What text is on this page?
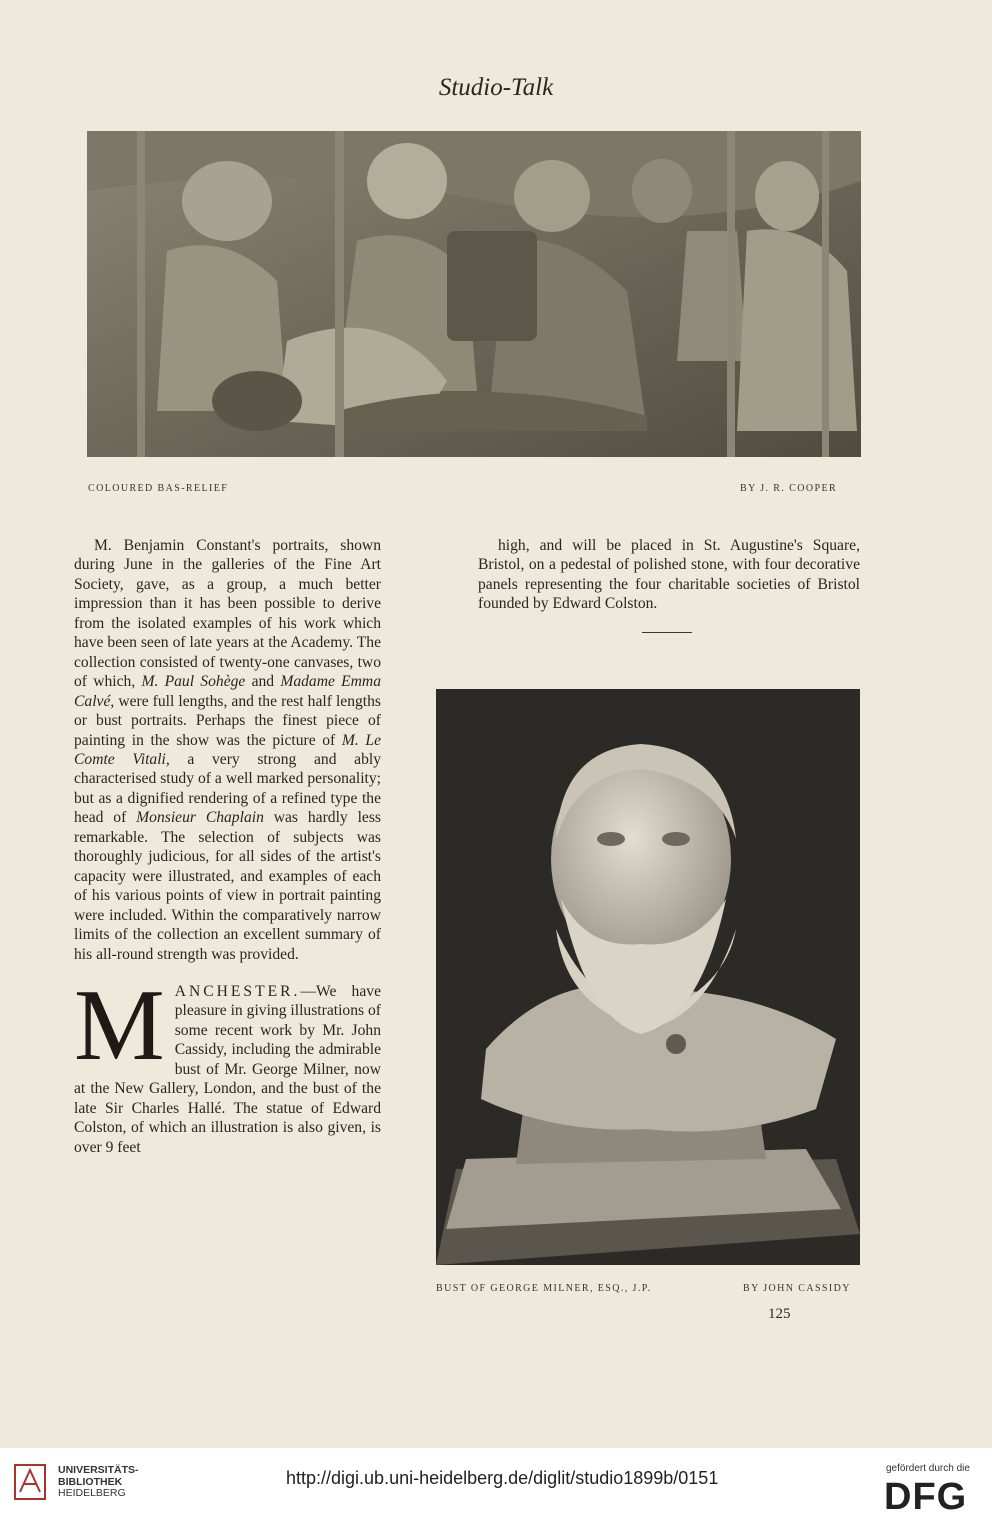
Studio-Talk
COLOURED BAS-RELIEF	BY J. R. COOPER

M. Benjamin Constant's portraits, shown during June in the galleries of the Fine Art Society, gave, as a group, a much better impression than it has been possible to derive from the isolated examples of his work which have been seen of late years at the Academy. The collection consisted of twenty-one canvases, two of which, M. Paul Sohège and Madame Emma Calvé, were full lengths, and the rest half lengths or bust portraits. Perhaps the finest piece of painting in the show was the picture of M. Le Comte Vitali, a very strong and ably characterised study of a well marked personality; but as a dignified rendering of a refined type the head of Monsieur Chaplain was hardly less remarkable. The selection of subjects was thoroughly judicious, for all sides of the artist's capacity were illustrated, and examples of each of his various points of view in portrait painting were included. Within the comparatively narrow limits of the collection an excellent summary of his all-round strength was provided.

MANCHESTER.—We have pleasure in giving illustrations of some recent work by Mr. John Cassidy, including the admirable bust of Mr. George Milner, now at the New Gallery, London, and the bust of the late Sir Charles Hallé. The statue of Edward Colston, of which an illustration is also given, is over 9 feet

high, and will be placed in St. Augustine's Square, Bristol, on a pedestal of polished stone, with four decorative panels representing the four charitable societies of Bristol founded by Edward Colston.

BUST OF GEORGE MILNER, ESQ., J.P.	BY JOHN CASSIDY
125
UNIVERSITÄTS-
BIBLIOTHEK
HEIDELBERG
http://digi.ub.uni-heidelberg.de/diglit/studio1899b/0151	gefördert durch die
DFG
